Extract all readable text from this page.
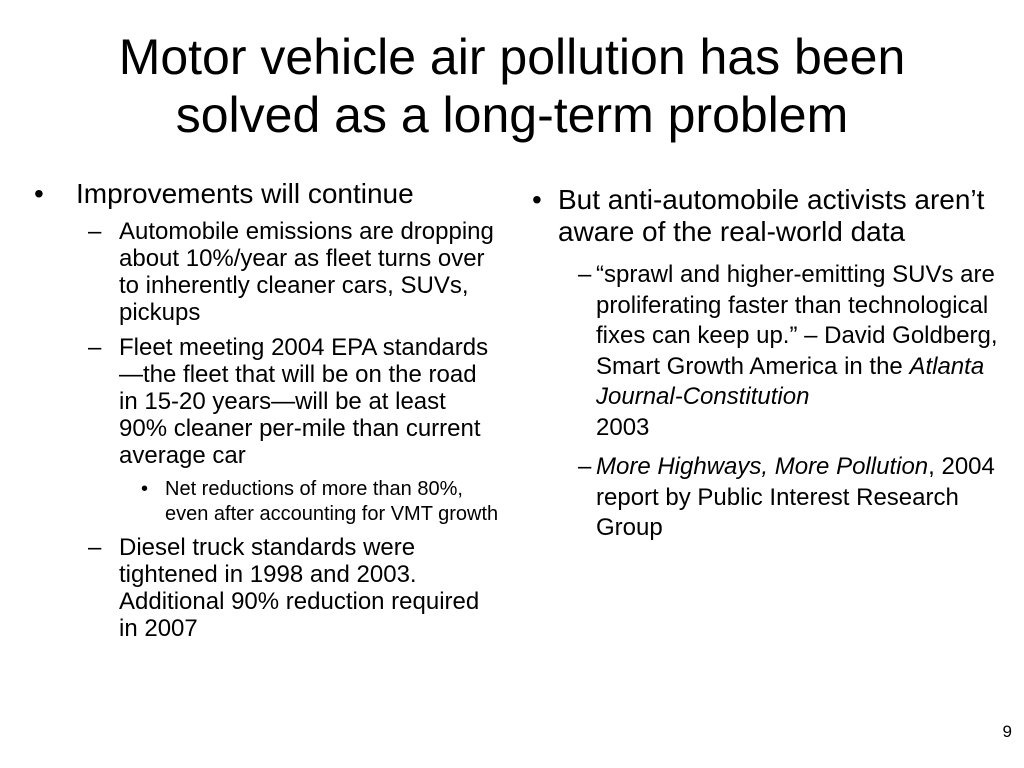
Motor vehicle air pollution has been
solved as a long-term problem
• Improvements will continue
– Automobile emissions are dropping about 10%/year as fleet turns over to inherently cleaner cars, SUVs, pickups
– Fleet meeting 2004 EPA standards—the fleet that will be on the road in 15-20 years—will be at least 90% cleaner per-mile than current average car
• Net reductions of more than 80%, even after accounting for VMT growth
– Diesel truck standards were tightened in 1998 and 2003. Additional 90% reduction required in 2007
• But anti-automobile activists aren’t aware of the real-world data
– “sprawl and higher-emitting SUVs are proliferating faster than technological fixes can keep up.” – David Goldberg, Smart Growth America in the Atlanta Journal-Constitution
2003
– More Highways, More Pollution, 2004 report by Public Interest Research Group
9
